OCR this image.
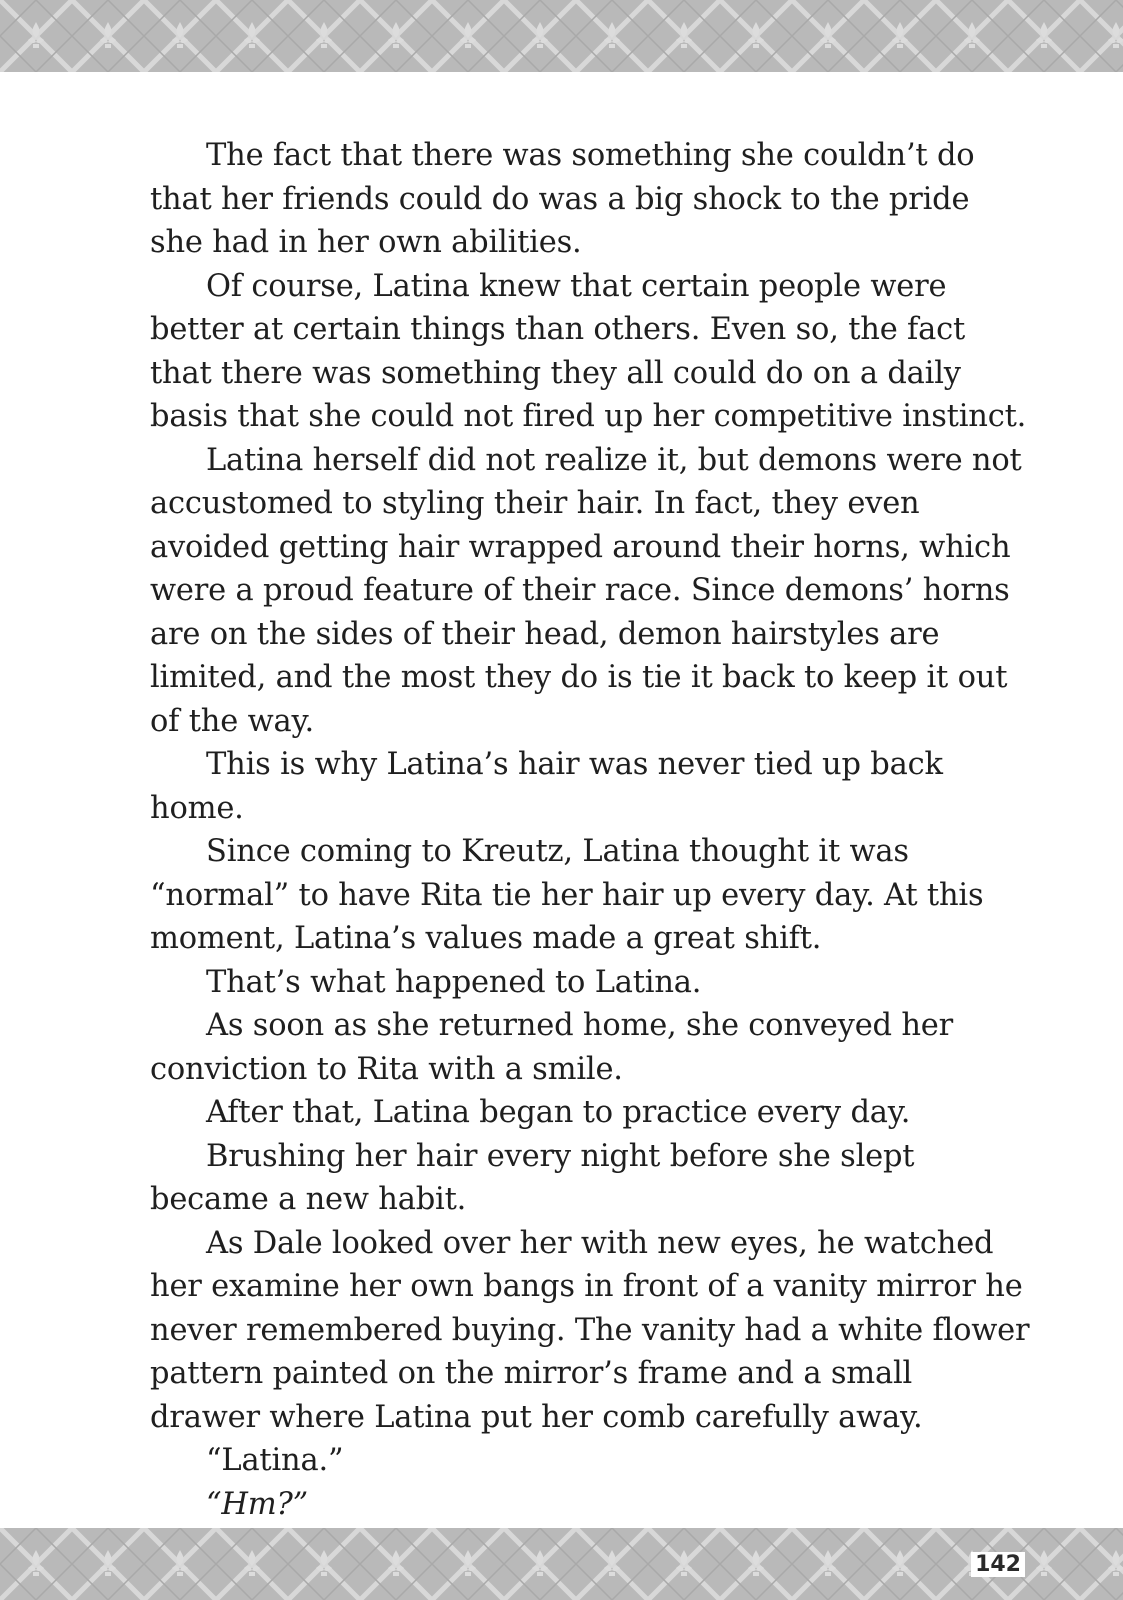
The fact that there was something she couldn’t do that her friends could do was a big shock to the pride she had in her own abilities.

Of course, Latina knew that certain people were better at certain things than others. Even so, the fact that there was something they all could do on a daily basis that she could not fired up her competitive instinct.

Latina herself did not realize it, but demons were not accustomed to styling their hair. In fact, they even avoided getting hair wrapped around their horns, which were a proud feature of their race. Since demons’ horns are on the sides of their head, demon hairstyles are limited, and the most they do is tie it back to keep it out of the way.

This is why Latina’s hair was never tied up back home.

Since coming to Kreutz, Latina thought it was “normal” to have Rita tie her hair up every day. At this moment, Latina’s values made a great shift.

That’s what happened to Latina.

As soon as she returned home, she conveyed her conviction to Rita with a smile.

After that, Latina began to practice every day.

Brushing her hair every night before she slept became a new habit.

As Dale looked over her with new eyes, he watched her examine her own bangs in front of a vanity mirror he never remembered buying. The vanity had a white flower pattern painted on the mirror’s frame and a small drawer where Latina put her comb carefully away.

“Latina.”

“Hm?”

142
